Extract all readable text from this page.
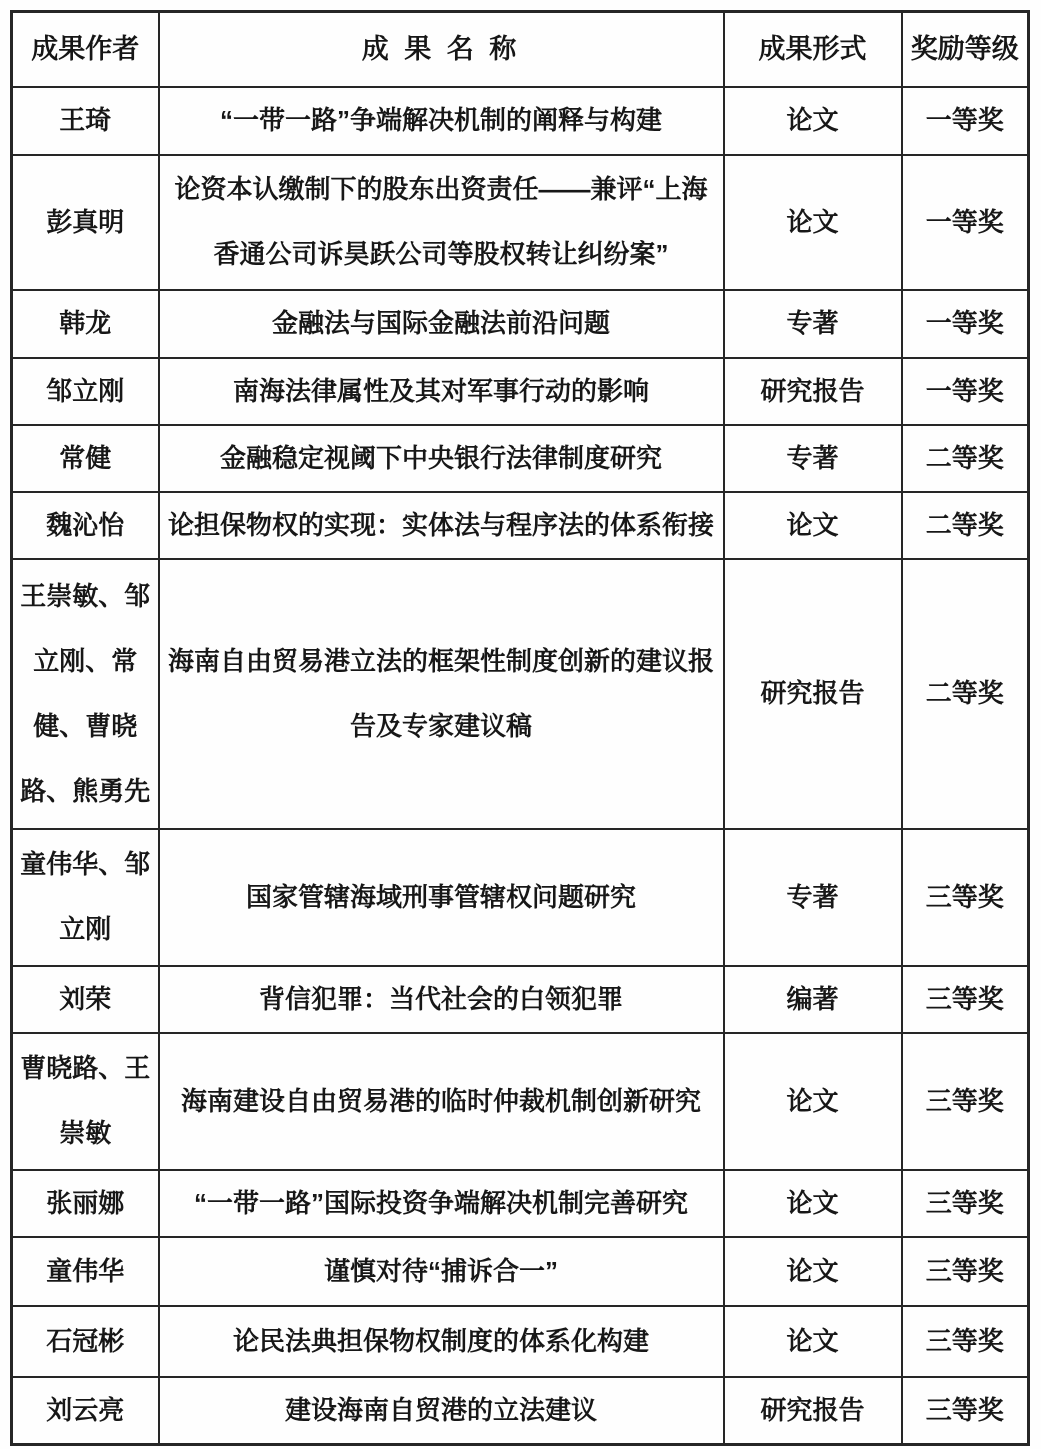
成果作者	成 果 名 称	成果形式	奖励等级
王琦	“一带一路”争端解决机制的阐释与构建	论文	一等奖
彭真明	论资本认缴制下的股东出资责任——兼评“上海香通公司诉昊跃公司等股权转让纠纷案”	论文	一等奖
韩龙	金融法与国际金融法前沿问题	专著	一等奖
邹立刚	南海法律属性及其对军事行动的影响	研究报告	一等奖
常健	金融稳定视阈下中央银行法律制度研究	专著	二等奖
魏沁怡	论担保物权的实现：实体法与程序法的体系衔接	论文	二等奖
王崇敏、邹立刚、常健、曹晓路、熊勇先	海南自由贸易港立法的框架性制度创新的建议报告及专家建议稿	研究报告	二等奖
童伟华、邹立刚	国家管辖海域刑事管辖权问题研究	专著	三等奖
刘荣	背信犯罪：当代社会的白领犯罪	编著	三等奖
曹晓路、王崇敏	海南建设自由贸易港的临时仲裁机制创新研究	论文	三等奖
张丽娜	“一带一路”国际投资争端解决机制完善研究	论文	三等奖
童伟华	谨慎对待“捕诉合一”	论文	三等奖
石冠彬	论民法典担保物权制度的体系化构建	论文	三等奖
刘云亮	建设海南自贸港的立法建议	研究报告	三等奖
